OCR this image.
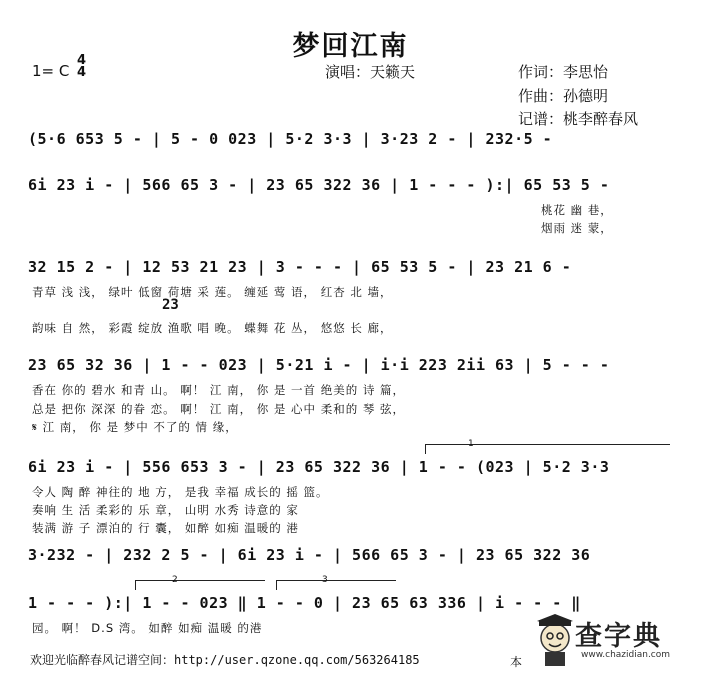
梦回江南
1= C
4
4	演唱：天籁天	作词：李思怡
作曲：孙德明
记谱：桃李醉春风
(5·6 653 5 - | 5 - 0 023 | 5·2 3·3 | 3·23 2 - | 232·5 -
6i 23 i - | 566 65 3 - | 23 65 322 36 | 1 - - - ):| 65 53 5 -
桃花 幽 巷，
烟雨 迷 蒙，
32 15 2 - | 12 53 21 23 | 3 - - - | 65 53 5 - | 23 21 6 -
青草 浅 浅， 绿叶 低窗 荷塘 采 莲。 缠延 莺 语， 红杏 北 墙，
23
韵味 自 然， 彩霞 绽放 渔歌 唱 晚。 蝶舞 花 丛， 悠悠 长 廊，
23 65 32 36 | 1 - - 023 | 5·21 i - | i·i 223 2ii 63 | 5 - - -
香在 你的 碧水 和青 山。 啊！ 江 南， 你 是 一首 绝美的 诗 篇，
总是 把你 深深 的眷 恋。 啊！ 江 南， 你 是 心中 柔和的 琴 弦，
𝄋 江 南， 你 是 梦中 不了的 情 缘，
1
6i 23 i - | 556 653 3 - | 23 65 322 36 | 1 - - (023 | 5·2 3·3
令人 陶 醉 神往的 地 方， 是我 幸福 成长的 摇 篮。
奏响 生 活 柔彩的 乐 章， 山明 水秀 诗意的 家
装满 游 子 漂泊的 行 囊， 如醉 如痴 温暖的 港
3·232 - | 232 2 5 - | 6i 23 i - | 566 65 3 - | 23 65 322 36
2	3
1 - - - ):| 1 - - 023 ‖ 1 - - 0 | 23 65 63 336 | i - - - ‖
园。 啊！ D.S 湾。 如醉 如痴 温暖 的港
欢迎光临醉春风记谱空间：http://user.qzone.qq.com/563264185	本
查字典
www.chazidian.com
